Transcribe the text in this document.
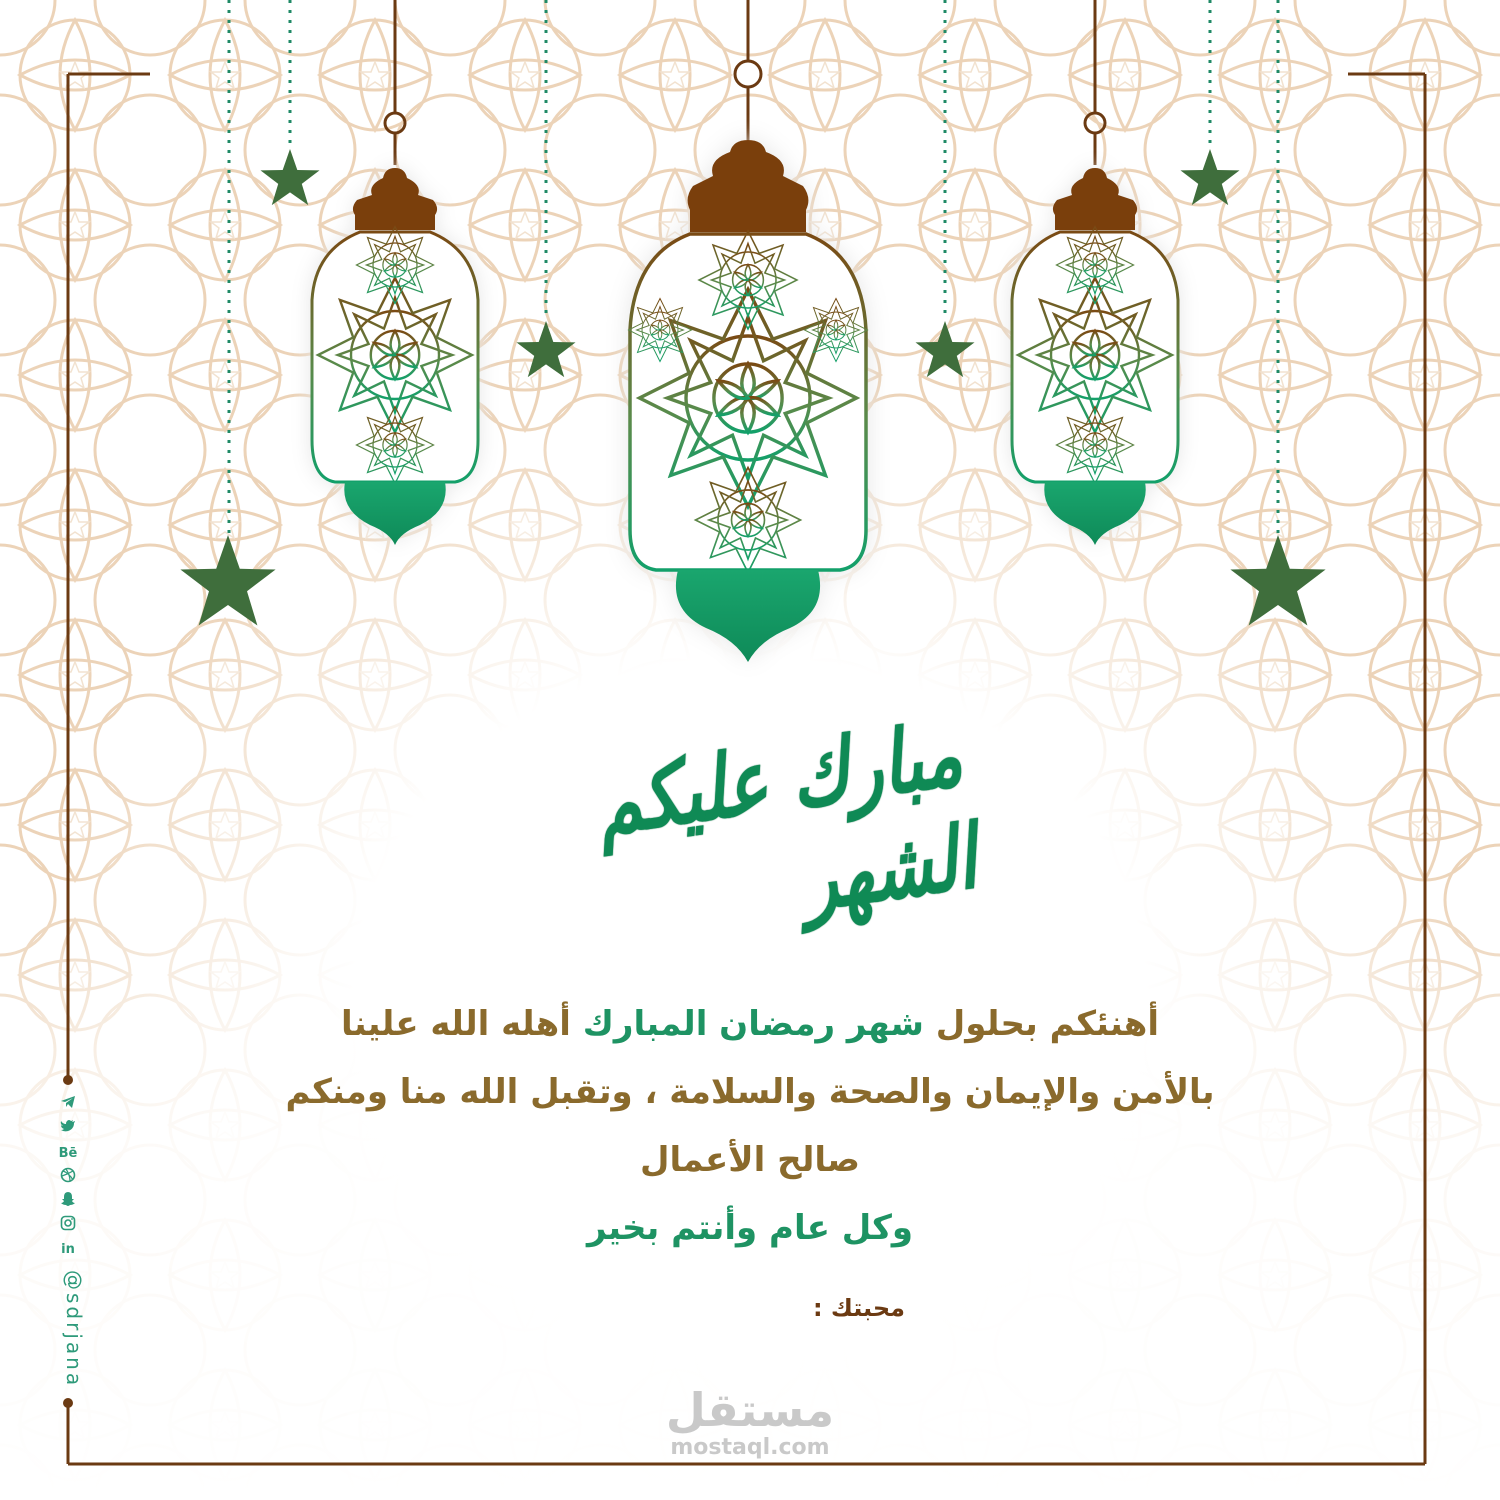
مبارك عليكم الشهر
أهنئكم بحلول شهر رمضان المبارك أهله الله علينا
بالأمن والإيمان والصحة والسلامة ، وتقبل الله منا ومنكم
صالح الأعمال
وكل عام وأنتم بخير
محبتك :
Bē
in
@sdrjana
مستقل
mostaql.com
